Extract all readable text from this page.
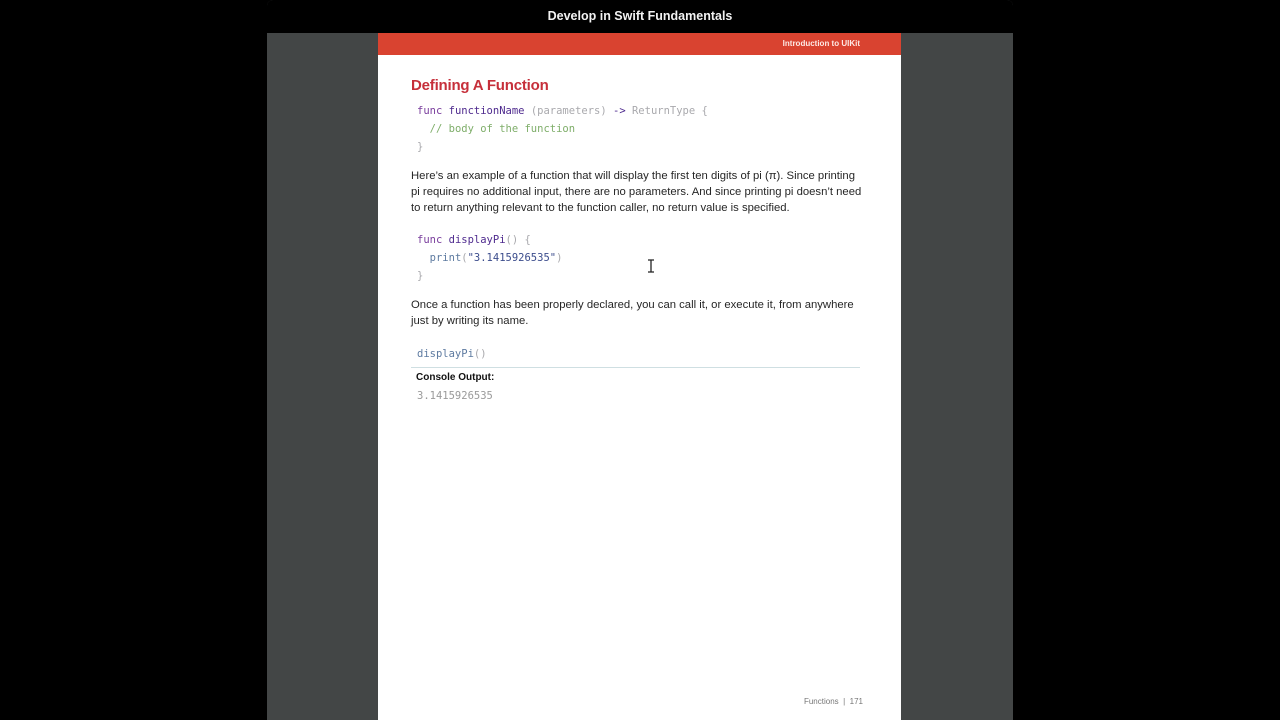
Develop in Swift Fundamentals
Introduction to UIKit
Defining A Function
func functionName (parameters) -> ReturnType {
// body of the function
}
Here’s an example of a function that will display the first ten digits of pi (π). Since printing pi requires no additional input, there are no parameters. And since printing pi doesn’t need to return anything relevant to the function caller, no return value is specified.
func displayPi() {
print("3.1415926535")
}
Once a function has been properly declared, you can call it, or execute it, from anywhere just by writing its name.
displayPi()
Console Output:
3.1415926535
Functions | 171
